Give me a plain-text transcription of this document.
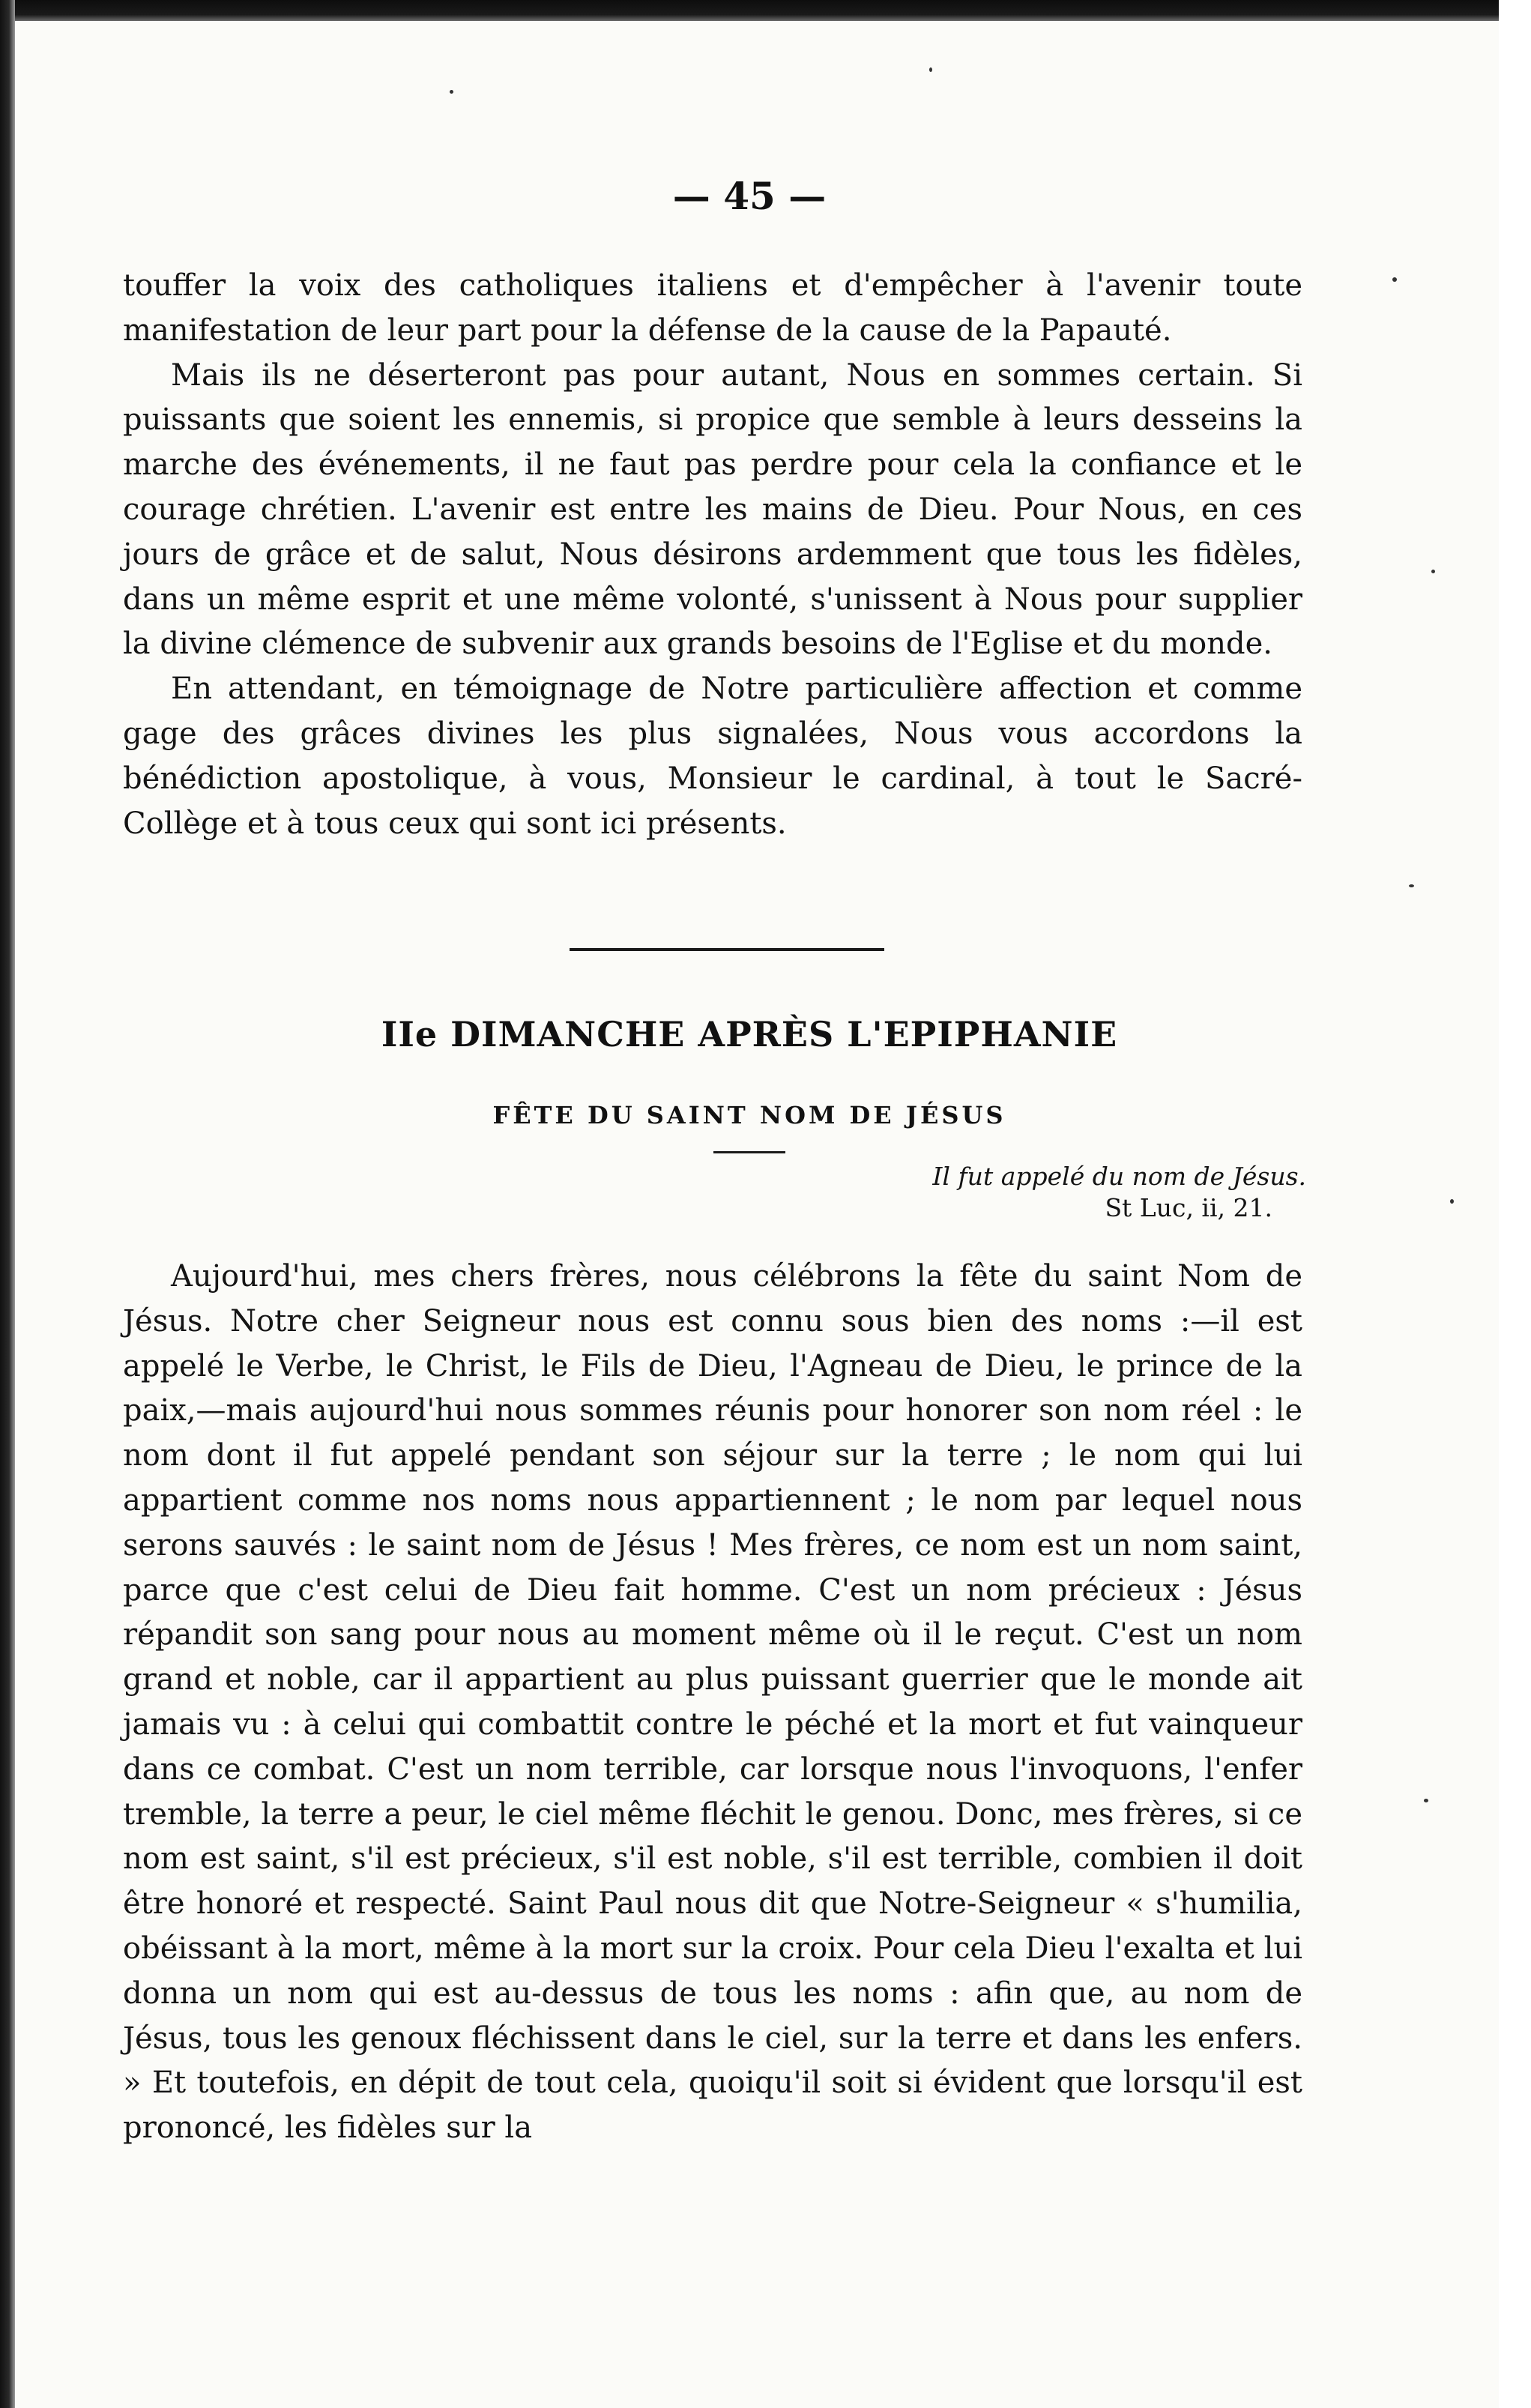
— 45 —

touffer la voix des catholiques italiens et d'empêcher à l'avenir toute manifestation de leur part pour la défense de la cause de la Papauté.

Mais ils ne déserteront pas pour autant, Nous en sommes certain. Si puissants que soient les ennemis, si propice que semble à leurs desseins la marche des événements, il ne faut pas perdre pour cela la confiance et le courage chrétien. L'avenir est entre les mains de Dieu. Pour Nous, en ces jours de grâce et de salut, Nous désirons ardemment que tous les fidèles, dans un même esprit et une même volonté, s'unissent à Nous pour supplier la divine clémence de subvenir aux grands besoins de l'Eglise et du monde.

En attendant, en témoignage de Notre particulière affection et comme gage des grâces divines les plus signalées, Nous vous accordons la bénédiction apostolique, à vous, Monsieur le cardinal, à tout le Sacré-Collège et à tous ceux qui sont ici présents.

IIe DIMANCHE APRÈS L'EPIPHANIE
FÊTE DU SAINT NOM DE JÉSUS
Il fut appelé du nom de Jésus.
St Luc, ii, 21.

Aujourd'hui, mes chers frères, nous célébrons la fête du saint Nom de Jésus. Notre cher Seigneur nous est connu sous bien des noms :—il est appelé le Verbe, le Christ, le Fils de Dieu, l'Agneau de Dieu, le prince de la paix,—mais aujourd'hui nous sommes réunis pour honorer son nom réel : le nom dont il fut appelé pendant son séjour sur la terre ; le nom qui lui appartient comme nos noms nous appartiennent ; le nom par lequel nous serons sauvés : le saint nom de Jésus ! Mes frères, ce nom est un nom saint, parce que c'est celui de Dieu fait homme. C'est un nom précieux : Jésus répandit son sang pour nous au moment même où il le reçut. C'est un nom grand et noble, car il appartient au plus puissant guerrier que le monde ait jamais vu : à celui qui combattit contre le péché et la mort et fut vainqueur dans ce combat. C'est un nom terrible, car lorsque nous l'invoquons, l'enfer tremble, la terre a peur, le ciel même fléchit le genou. Donc, mes frères, si ce nom est saint, s'il est précieux, s'il est noble, s'il est terrible, combien il doit être honoré et respecté. Saint Paul nous dit que Notre-Seigneur « s'humilia, obéissant à la mort, même à la mort sur la croix. Pour cela Dieu l'exalta et lui donna un nom qui est au-dessus de tous les noms : afin que, au nom de Jésus, tous les genoux fléchissent dans le ciel, sur la terre et dans les enfers. » Et toutefois, en dépit de tout cela, quoiqu'il soit si évident que lorsqu'il est prononcé, les fidèles sur la
